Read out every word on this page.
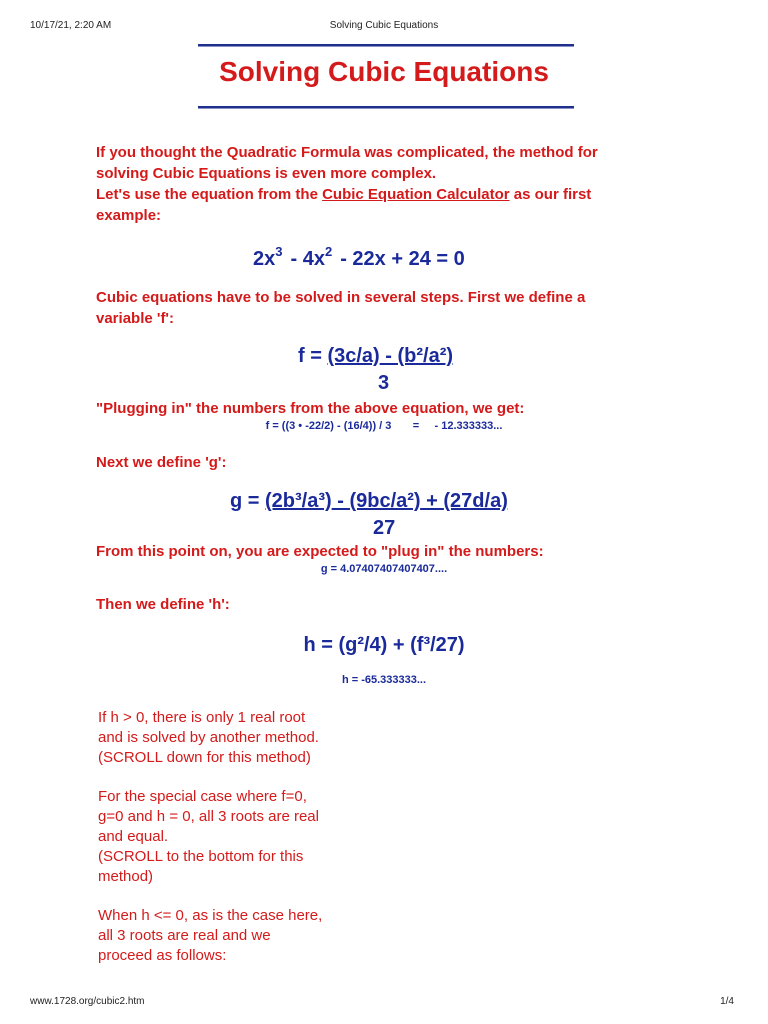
10/17/21, 2:20 AM	Solving Cubic Equations
Solving Cubic Equations
If you thought the Quadratic Formula was complicated, the method for
solving Cubic Equations is even more complex.
Let's use the equation from the Cubic Equation Calculator as our first
example:
$2x^3 - 4x^2 - 22x + 24 = 0$
Cubic equations have to be solved in several steps. First we define a
variable 'f':
f = (3c/a) - (b²/a²)
3
"Plugging in" the numbers from the above equation, we get:
f = ((3 • -22/2) - (16/4)) / 3       =     - 12.333333...
Next we define 'g':
g = (2b³/a³) - (9bc/a²) + (27d/a)
27
From this point on, you are expected to "plug in" the numbers:
g = 4.07407407407407....
Then we define 'h':
h = (g²/4) + (f³/27)
h = -65.333333...
If h > 0, there is only 1 real root
and is solved by another method.
(SCROLL down for this method)
For the special case where f=0,
g=0 and h = 0, all 3 roots are real
and equal.
(SCROLL to the bottom for this
method)
When h <= 0, as is the case here,
all 3 roots are real and we
proceed as follows:
www.1728.org/cubic2.htm	1/4
